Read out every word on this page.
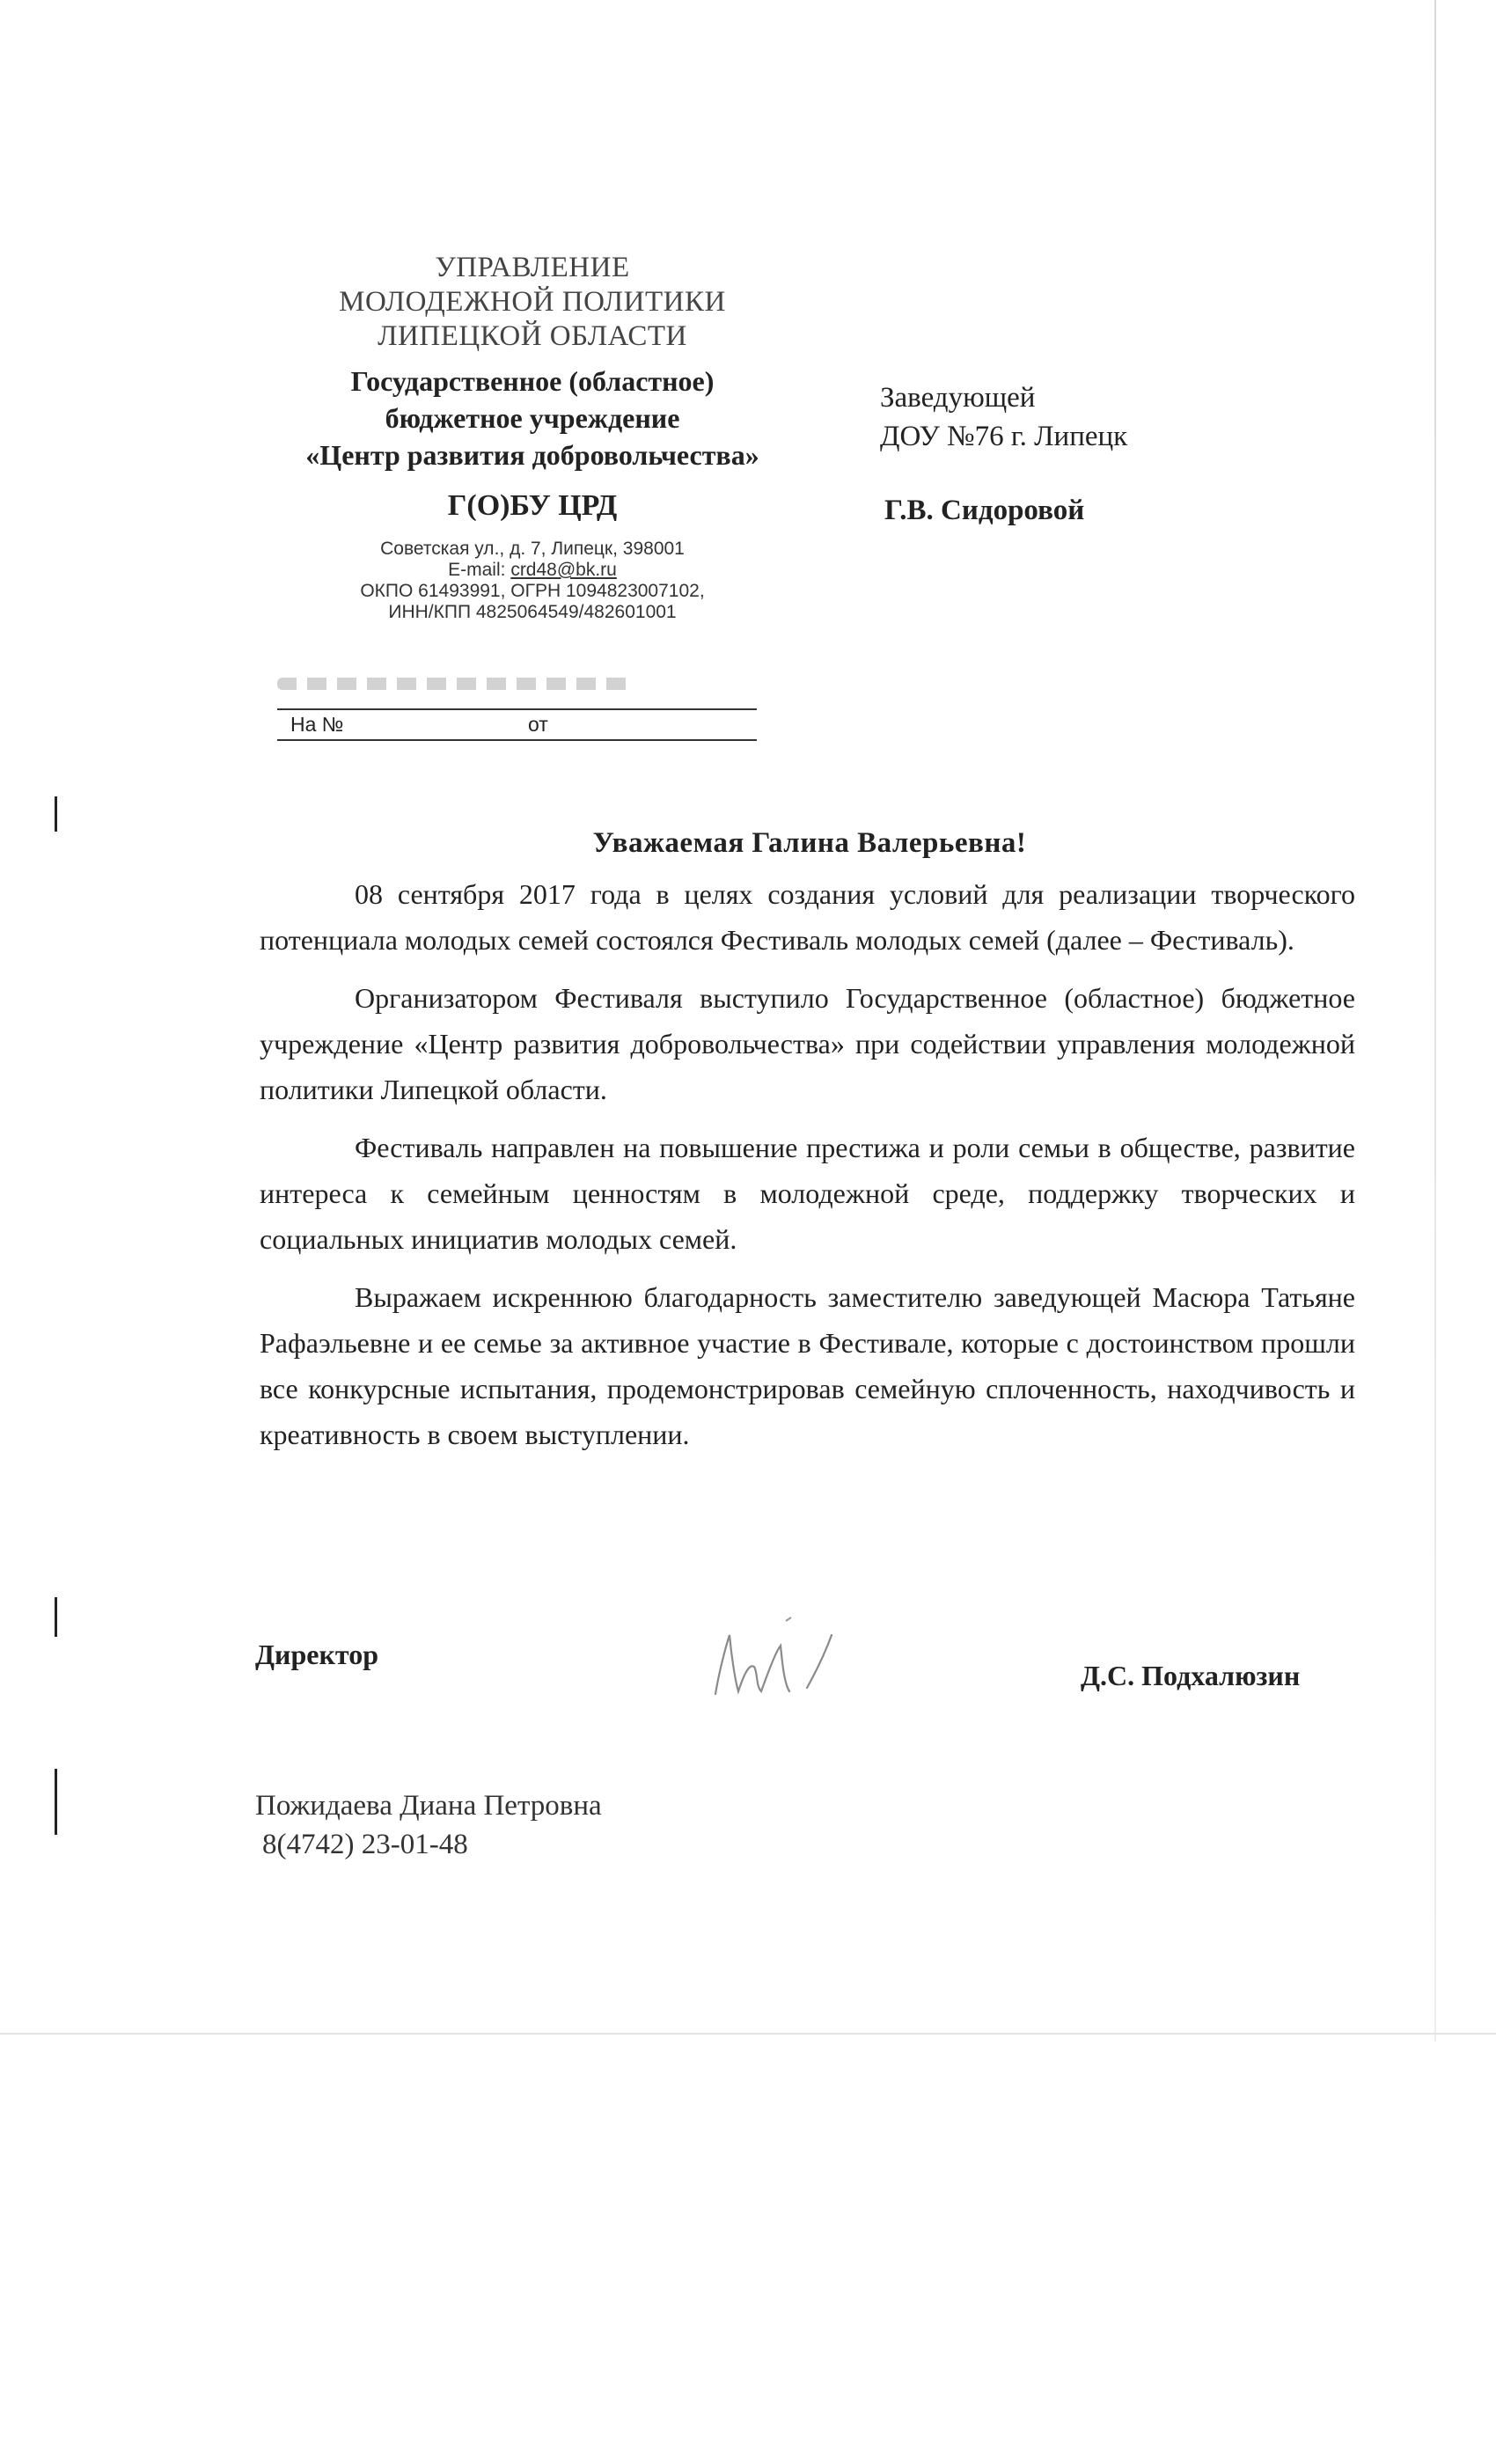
УПРАВЛЕНИЕ
МОЛОДЕЖНОЙ ПОЛИТИКИ
ЛИПЕЦКОЙ ОБЛАСТИ
Государственное (областное)
бюджетное учреждение
«Центр развития добровольчества»
Г(О)БУ ЦРД
Советская ул., д. 7, Липецк, 398001
E-mail: crd48@bk.ru
ОКПО 61493991, ОГРН 1094823007102,
ИНН/КПП 4825064549/482601001
На №	от
Заведующей
ДОУ №76 г. Липецк
Г.В. Сидоровой
Уважаемая Галина Валерьевна!

08 сентября 2017 года в целях создания условий для реализации творческого потенциала молодых семей состоялся Фестиваль молодых семей (далее – Фестиваль).

Организатором Фестиваля выступило Государственное (областное) бюджетное учреждение «Центр развития добровольчества» при содействии управления молодежной политики Липецкой области.

Фестиваль направлен на повышение престижа и роли семьи в обществе, развитие интереса к семейным ценностям в молодежной среде, поддержку творческих и социальных инициатив молодых семей.

Выражаем искреннюю благодарность заместителю заведующей Масюра Татьяне Рафаэльевне и ее семье за активное участие в Фестивале, которые с достоинством прошли все конкурсные испытания, продемонстрировав семейную сплоченность, находчивость и креативность в своем выступлении.

Директор
Д.С. Подхалюзин
Пожидаева Диана Петровна
8(4742) 23-01-48
